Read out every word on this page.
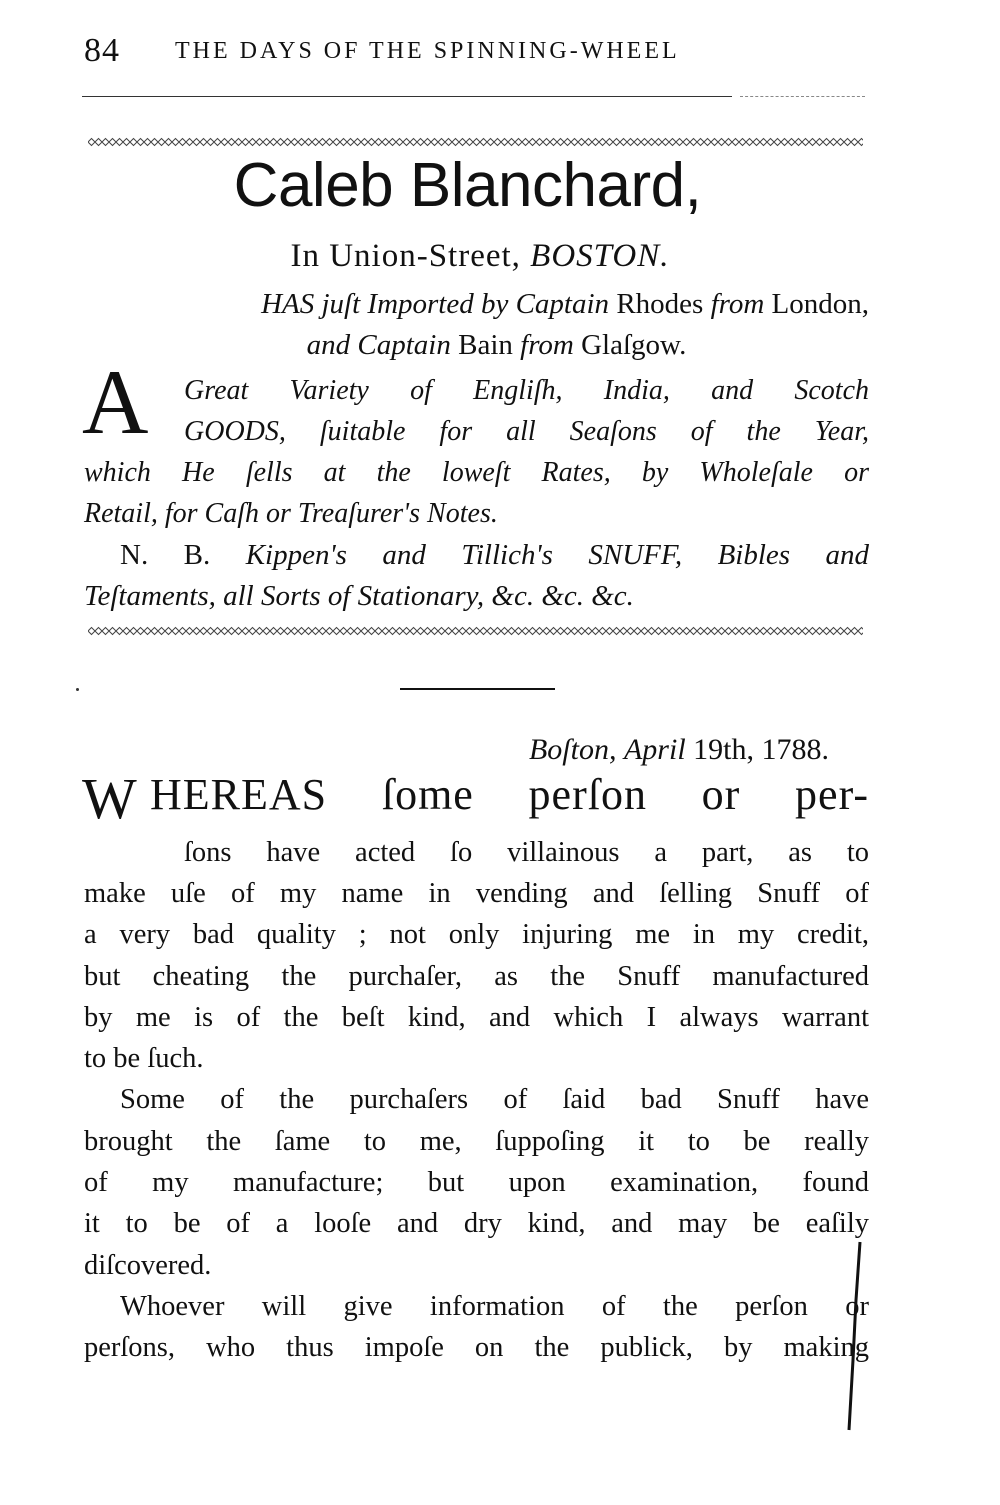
84 THE DAYS OF THE SPINNING-WHEEL
Caleb Blanchard,
In Union-Street, BOSTON.
HAS juſt Imported by Captain Rhodes from London,
and Captain Bain from Glaſgow.
A Great Variety of Engliſh, India, and Scotch
GOODS, ſuitable for all Seaſons of the Year,
which He ſells at the loweſt Rates, by Wholeſale or
Retail, for Caſh or Treaſurer's Notes.
N. B. Kippen's and Tillich's SNUFF, Bibles and
Teſtaments, all Sorts of Stationary, &c. &c. &c.
Boſton, April 19th, 1788.
W HEREAS ſome perſon or per-
ſons have acted ſo villainous a part, as to
make uſe of my name in vending and ſelling Snuff of
a very bad quality ; not only injuring me in my credit,
but cheating the purchaſer, as the Snuff manufactured
by me is of the beſt kind, and which I always warrant
to be ſuch.
Some of the purchaſers of ſaid bad Snuff have
brought the ſame to me, ſuppoſing it to be really
of my manufacture; but upon examination, found
it to be of a looſe and dry kind, and may be eaſily
diſcovered.
Whoever will give information of the perſon or
perſons, who thus impoſe on the publick, by making
